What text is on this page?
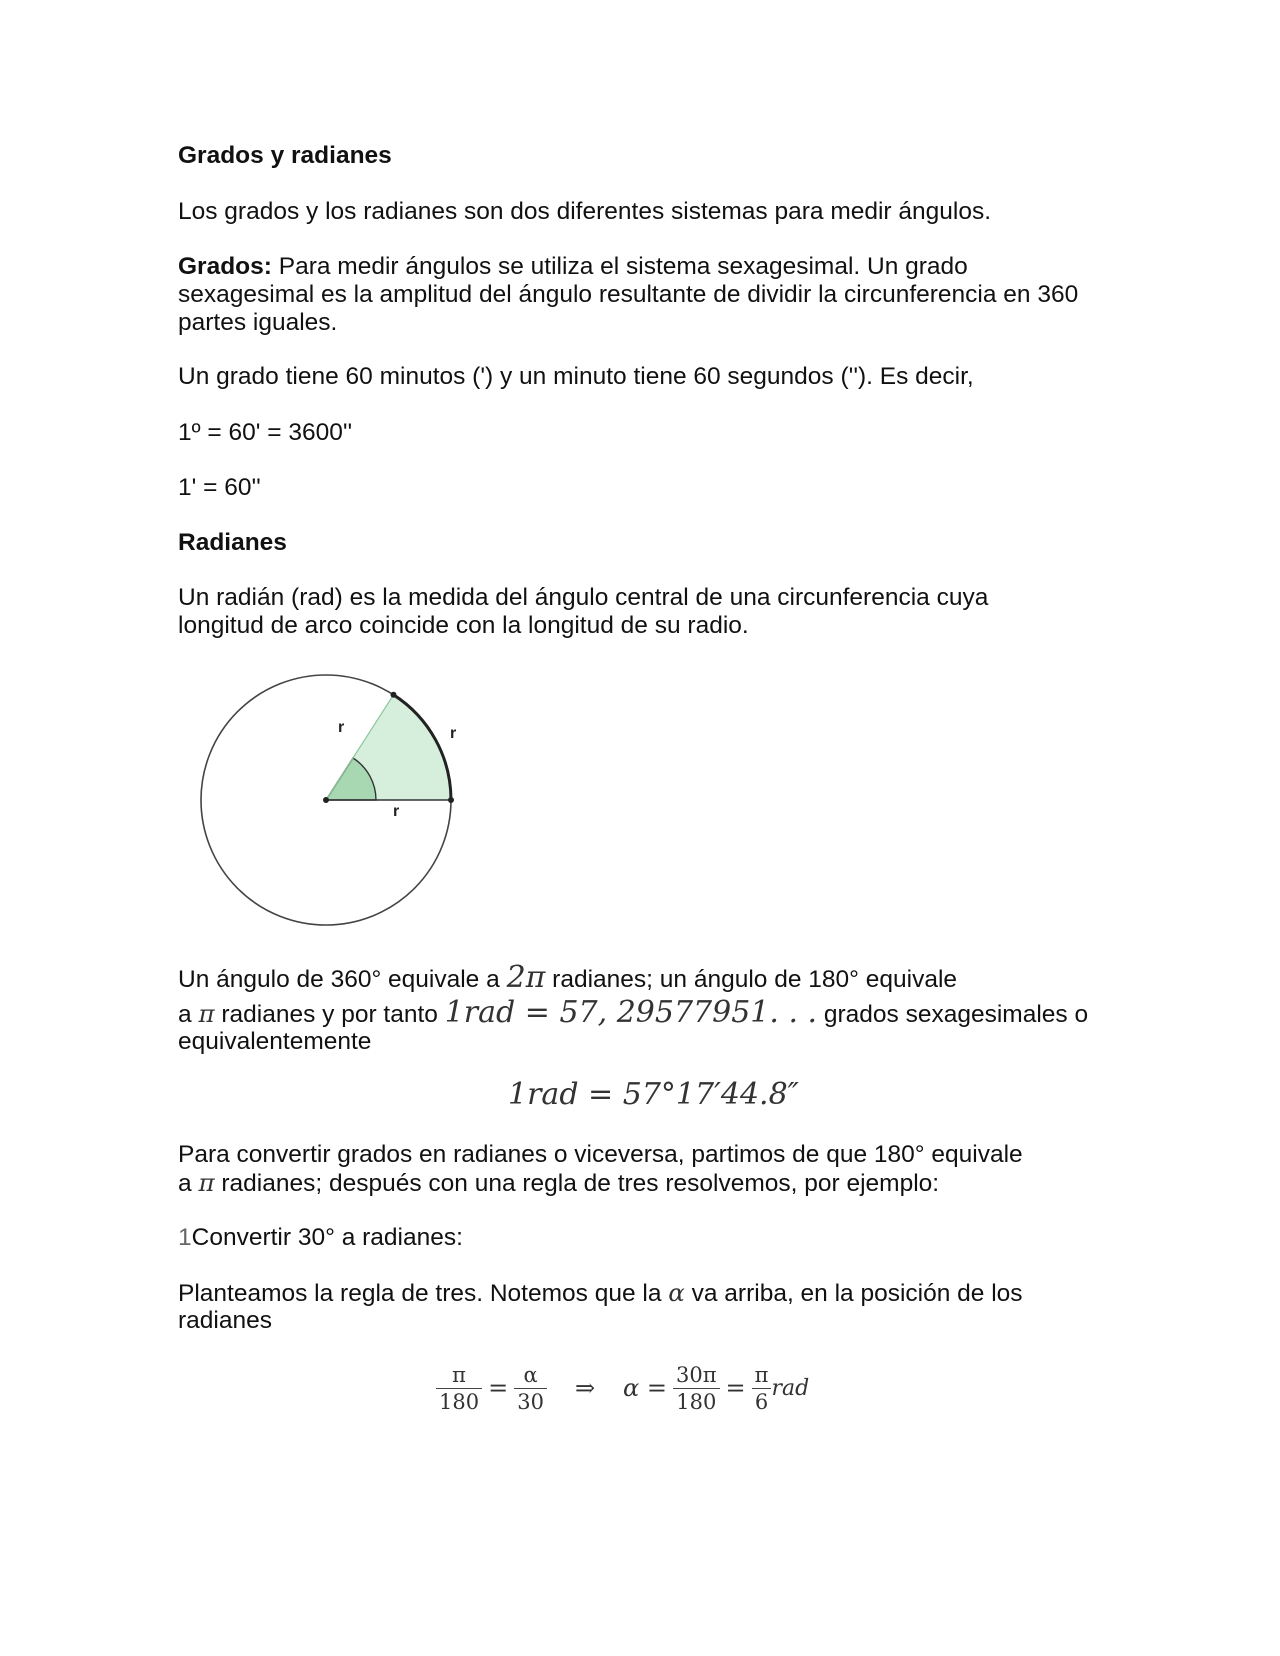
Grados y radianes
Los grados y los radianes son dos diferentes sistemas para medir ángulos.
Grados: Para medir ángulos se utiliza el sistema sexagesimal. Un grado
sexagesimal es la amplitud del ángulo resultante de dividir la circunferencia en 360
partes iguales.
Un grado tiene 60 minutos (') y un minuto tiene 60 segundos (''). Es decir,
1º = 60' = 3600''
1' = 60''
Radianes
Un radián (rad) es la medida del ángulo central de una circunferencia cuya
longitud de arco coincide con la longitud de su radio.
r	r
r
Un ángulo de 360° equivale a 2π radianes; un ángulo de 180° equivale
a π radianes y por tanto 1rad = 57, 29577951. . . grados sexagesimales o
equivalentemente
1rad = 57°17′44.8″
Para convertir grados en radianes o viceversa, partimos de que 180° equivale
a π radianes; después con una regla de tres resolvemos, por ejemplo:
1Convertir 30° a radianes:
Planteamos la regla de tres. Notemos que la α va arriba, en la posición de los
radianes
$\frac{\pi}{180} = \frac{\alpha}{30}$ ⇒ $\alpha = \frac{30\pi}{180} = \frac{\pi}{6}$ rad
